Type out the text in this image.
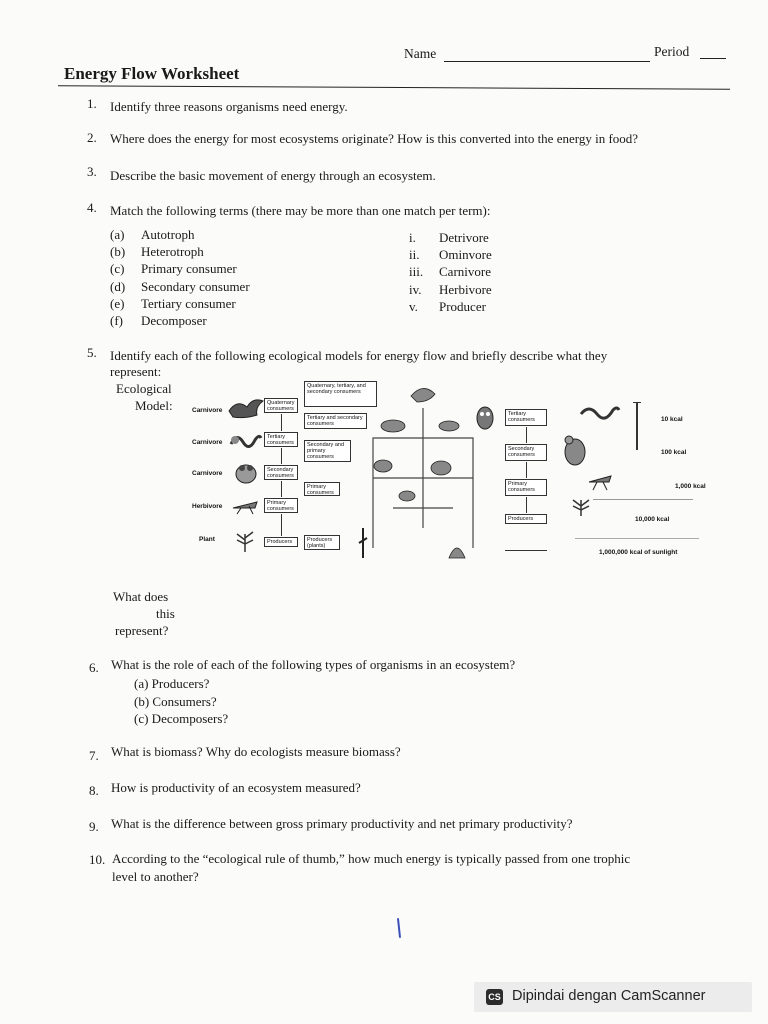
Name	Period
Energy Flow Worksheet
1. Identify three reasons organisms need energy.
2. Where does the energy for most ecosystems originate? How is this converted into the energy in food?
3. Describe the basic movement of energy through an ecosystem.
4. Match the following terms (there may be more than one match per term):
(a)
(b)
(c)
(d)
(e)
(f)
Autotroph
Heterotroph
Primary consumer
Secondary consumer
Tertiary consumer
Decomposer
i.
ii.
iii.
iv.
v.
Detrivore
Ominvore
Carnivore
Herbivore
Producer
5. Identify each of the following ecological models for energy flow and briefly describe what they
represent:
Ecological
Model:	Carnivore
Carnivore
Carnivore
Herbivore
Plant
Quaternary consumers
Tertiary consumers
Secondary consumers
Primary consumers
Producers
Quaternary, tertiary, and secondary consumers
Tertiary and secondary consumers
Secondary and primary consumers
Primary consumers
Producers (plants)
Tertiary consumers
Secondary consumers
Primary consumers
Producers
10 kcal
100 kcal
1,000 kcal
10,000 kcal
1,000,000 kcal of sunlight
What does
this
represent?
6. What is the role of each of the following types of organisms in an ecosystem?
(a) Producers?
(b) Consumers?
(c) Decomposers?
7. What is biomass? Why do ecologists measure biomass?
8. How is productivity of an ecosystem measured?
9. What is the difference between gross primary productivity and net primary productivity?
10. According to the “ecological rule of thumb,” how much energy is typically passed from one trophic
level to another?
CS Dipindai dengan CamScanner
